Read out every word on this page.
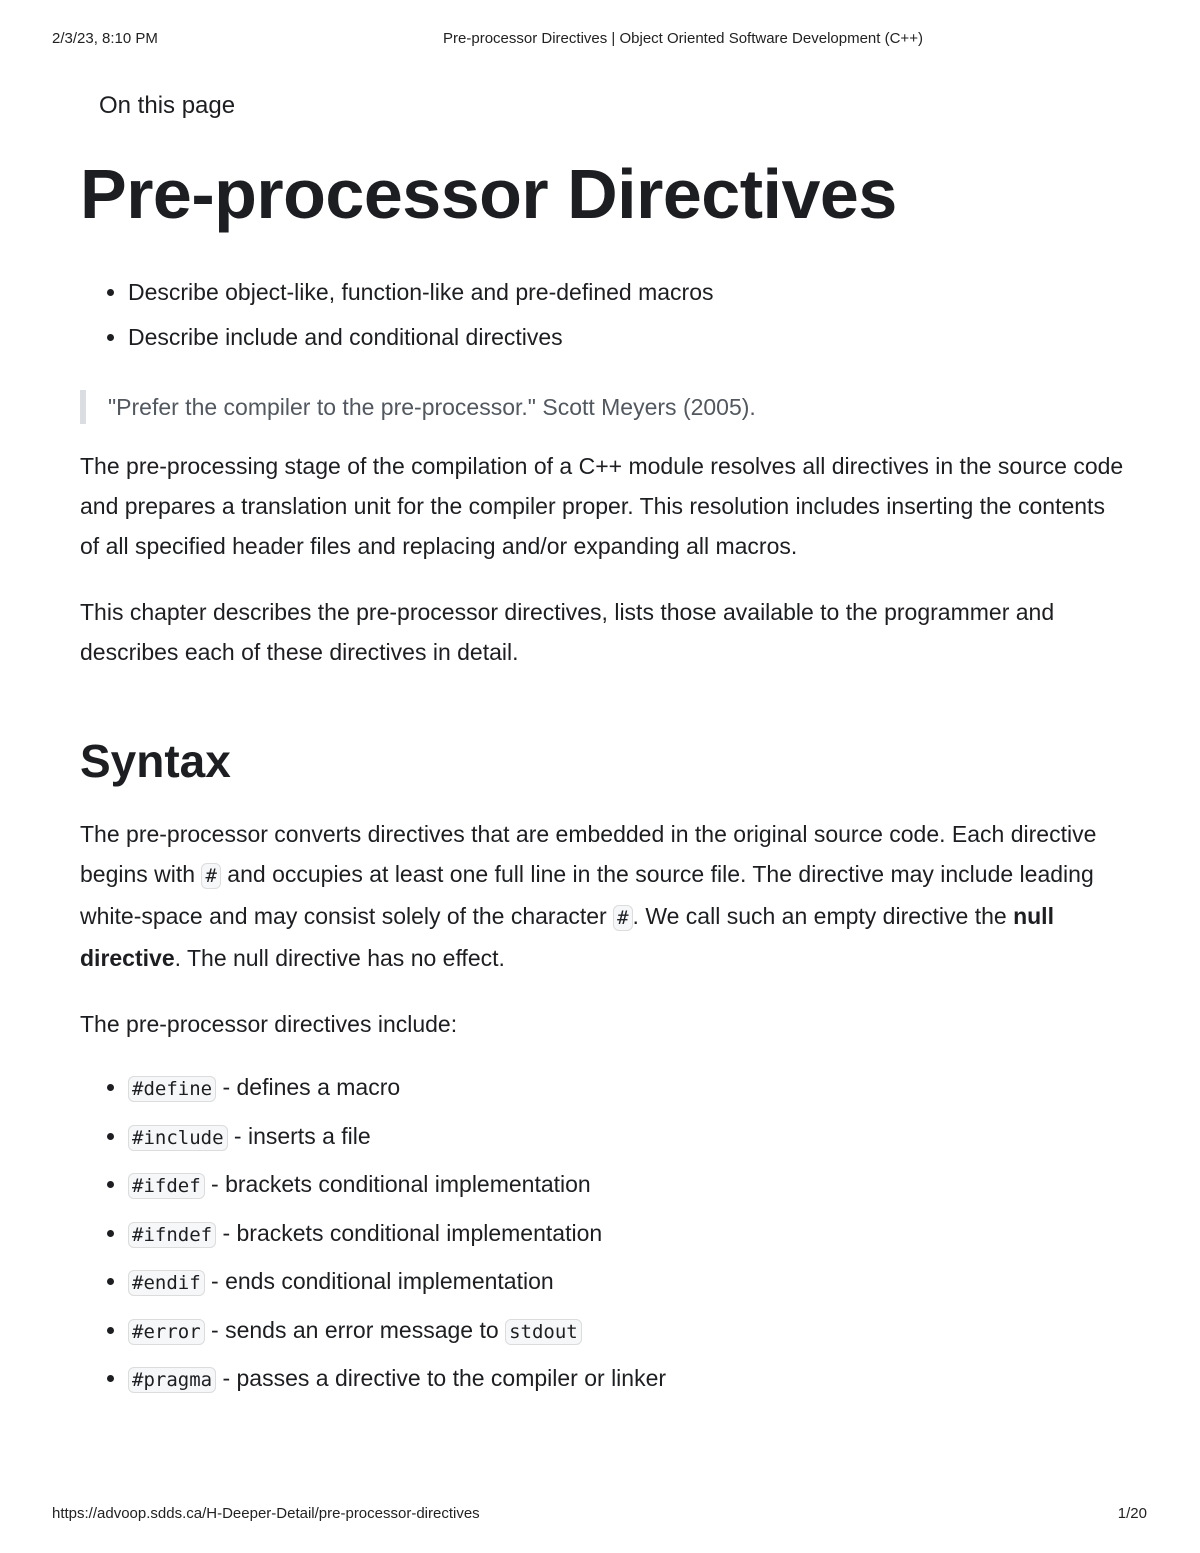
2/3/23, 8:10 PM	Pre-processor Directives | Object Oriented Software Development (C++)
On this page
Pre-processor Directives
• Describe object-like, function-like and pre-defined macros
• Describe include and conditional directives
"Prefer the compiler to the pre-processor." Scott Meyers (2005).

The pre-processing stage of the compilation of a C++ module resolves all directives in the source code and prepares a translation unit for the compiler proper. This resolution includes inserting the contents of all specified header files and replacing and/or expanding all macros.

This chapter describes the pre-processor directives, lists those available to the programmer and describes each of these directives in detail.

Syntax

The pre-processor converts directives that are embedded in the original source code. Each directive begins with # and occupies at least one full line in the source file. The directive may include leading white-space and may consist solely of the character # . We call such an empty directive the null directive. The null directive has no effect.

The pre-processor directives include:

• #define - defines a macro
• #include - inserts a file
• #ifdef - brackets conditional implementation
• #ifndef - brackets conditional implementation
• #endif - ends conditional implementation
• #error - sends an error message to stdout
• #pragma - passes a directive to the compiler or linker
https://advoop.sdds.ca/H-Deeper-Detail/pre-processor-directives	1/20
